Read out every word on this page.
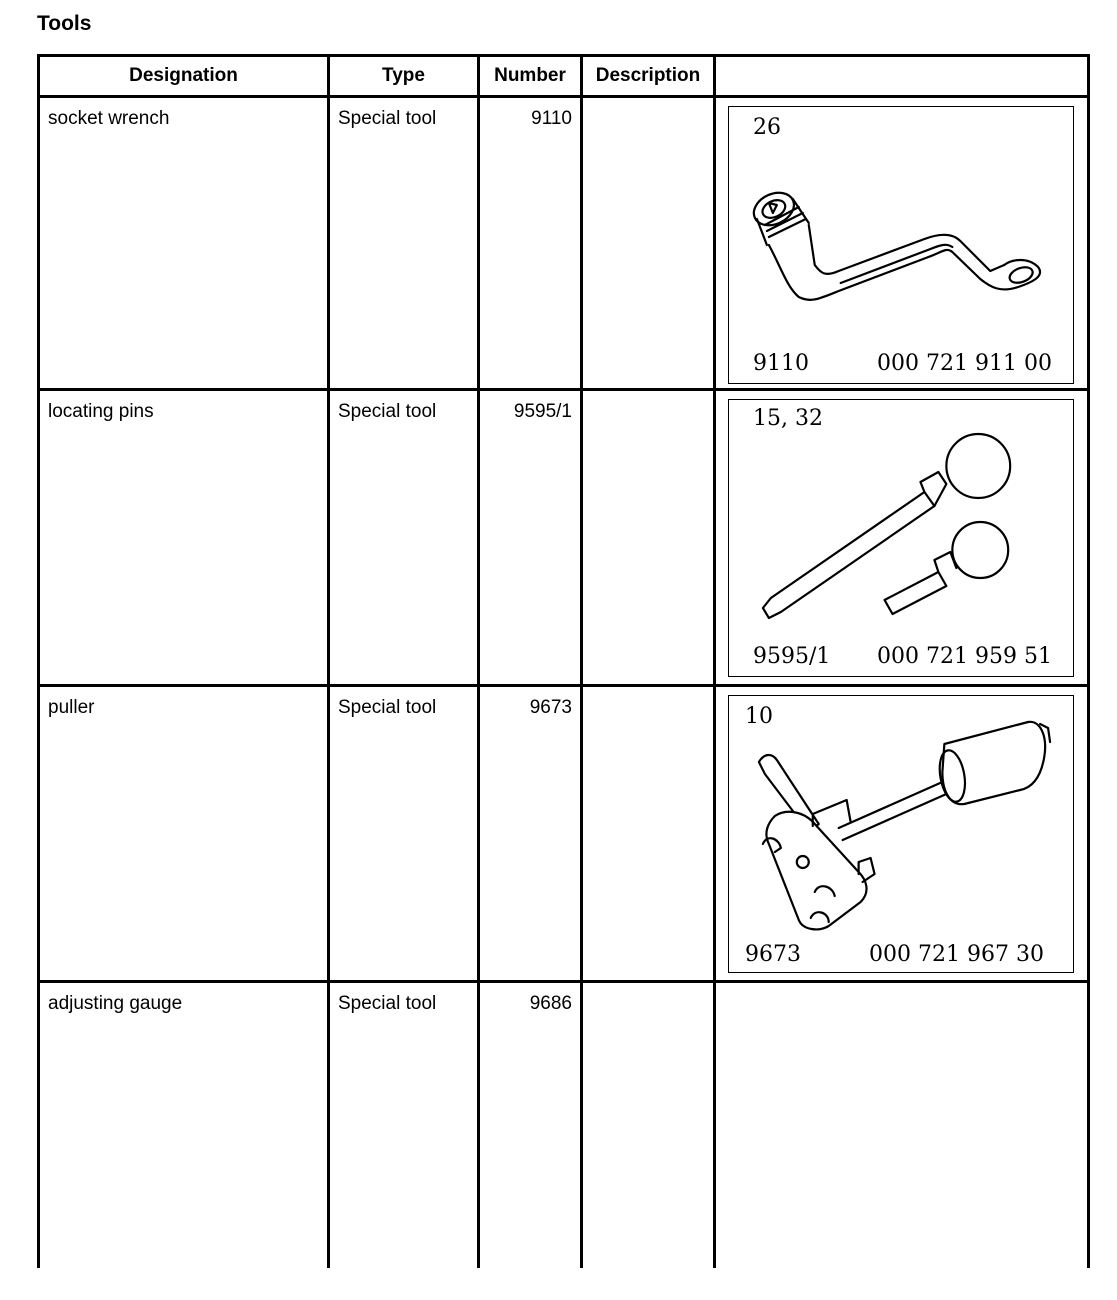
Tools
Designation	Type	Number	Description	

socket wrench	Special tool	9110		26
9110 000 721 911 00

locating pins	Special tool	9595/1		15, 32
9595/1 000 721 959 51

puller	Special tool	9673		10
9673 000 721 967 30

adjusting gauge	Special tool	9686		
